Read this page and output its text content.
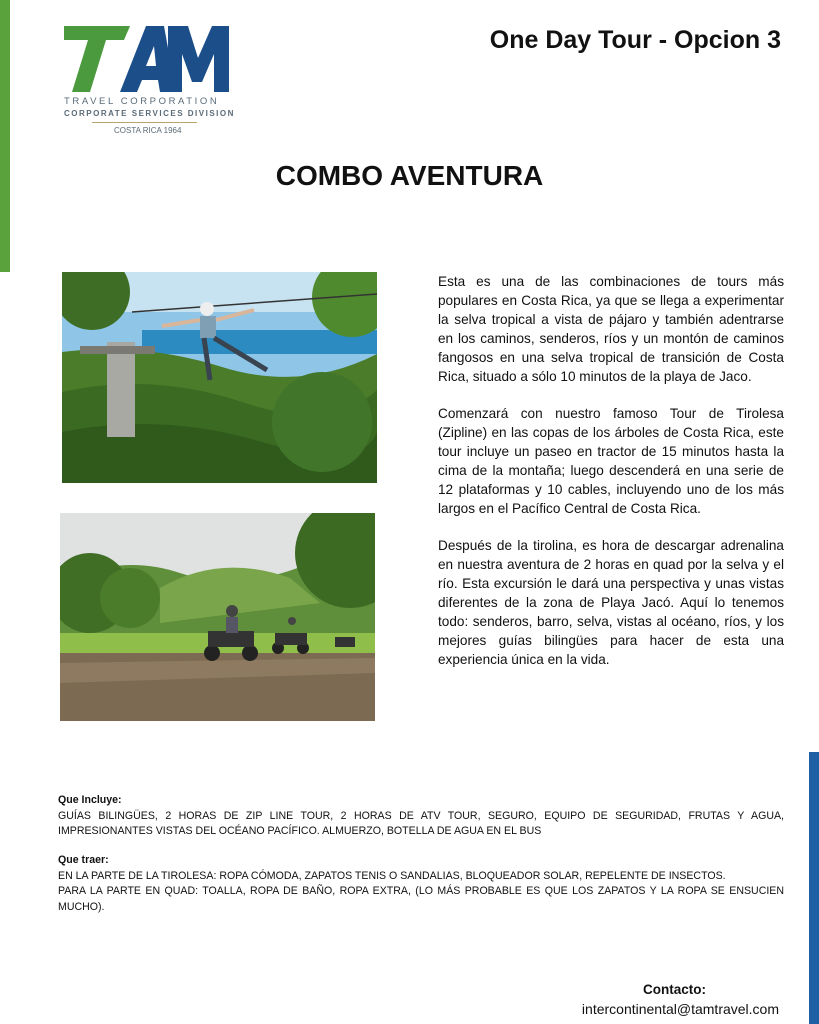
TRAVEL CORPORATION
CORPORATE SERVICES DIVISION
COSTA RICA 1964
One Day Tour - Opcion 3
COMBO AVENTURA

Esta es una de las combinaciones de tours más populares en Costa Rica, ya que se llega a experimentar la selva tropical a vista de pájaro y también adentrarse en los caminos, senderos, ríos y un montón de caminos fangosos en una selva tropical de transición de Costa Rica, situado a sólo 10 minutos de la playa de Jaco.

Comenzará con nuestro famoso Tour de Tirolesa (Zipline) en las copas de los árboles de Costa Rica, este tour incluye un paseo en tractor de 15 minutos hasta la cima de la montaña; luego descenderá en una serie de 12 plataformas y 10 cables, incluyendo uno de los más largos en el Pacífico Central de Costa Rica.

Después de la tirolina, es hora de descargar adrenalina en nuestra aventura de 2 horas en quad por la selva y el río. Esta excursión le dará una perspectiva y unas vistas diferentes de la zona de Playa Jacó. Aquí lo tenemos todo: senderos, barro, selva, vistas al océano, ríos, y los mejores guías bilingües para hacer de esta una experiencia única en la vida.

Que Incluye:
GUÍAS BILINGÜES, 2 HORAS DE ZIP LINE TOUR, 2 HORAS DE ATV TOUR, SEGURO, EQUIPO DE SEGURIDAD, FRUTAS Y AGUA, IMPRESIONANTES VISTAS DEL OCÉANO PACÍFICO. ALMUERZO, BOTELLA DE AGUA EN EL BUS
Que traer:
EN LA PARTE DE LA TIROLESA: ROPA CÓMODA, ZAPATOS TENIS O SANDALIAS, BLOQUEADOR SOLAR, REPELENTE DE INSECTOS.
PARA LA PARTE EN QUAD: TOALLA, ROPA DE BAÑO, ROPA EXTRA, (LO MÁS PROBABLE ES QUE LOS ZAPATOS Y LA ROPA SE ENSUCIEN MUCHO).
Contacto:
intercontinental@tamtravel.com
